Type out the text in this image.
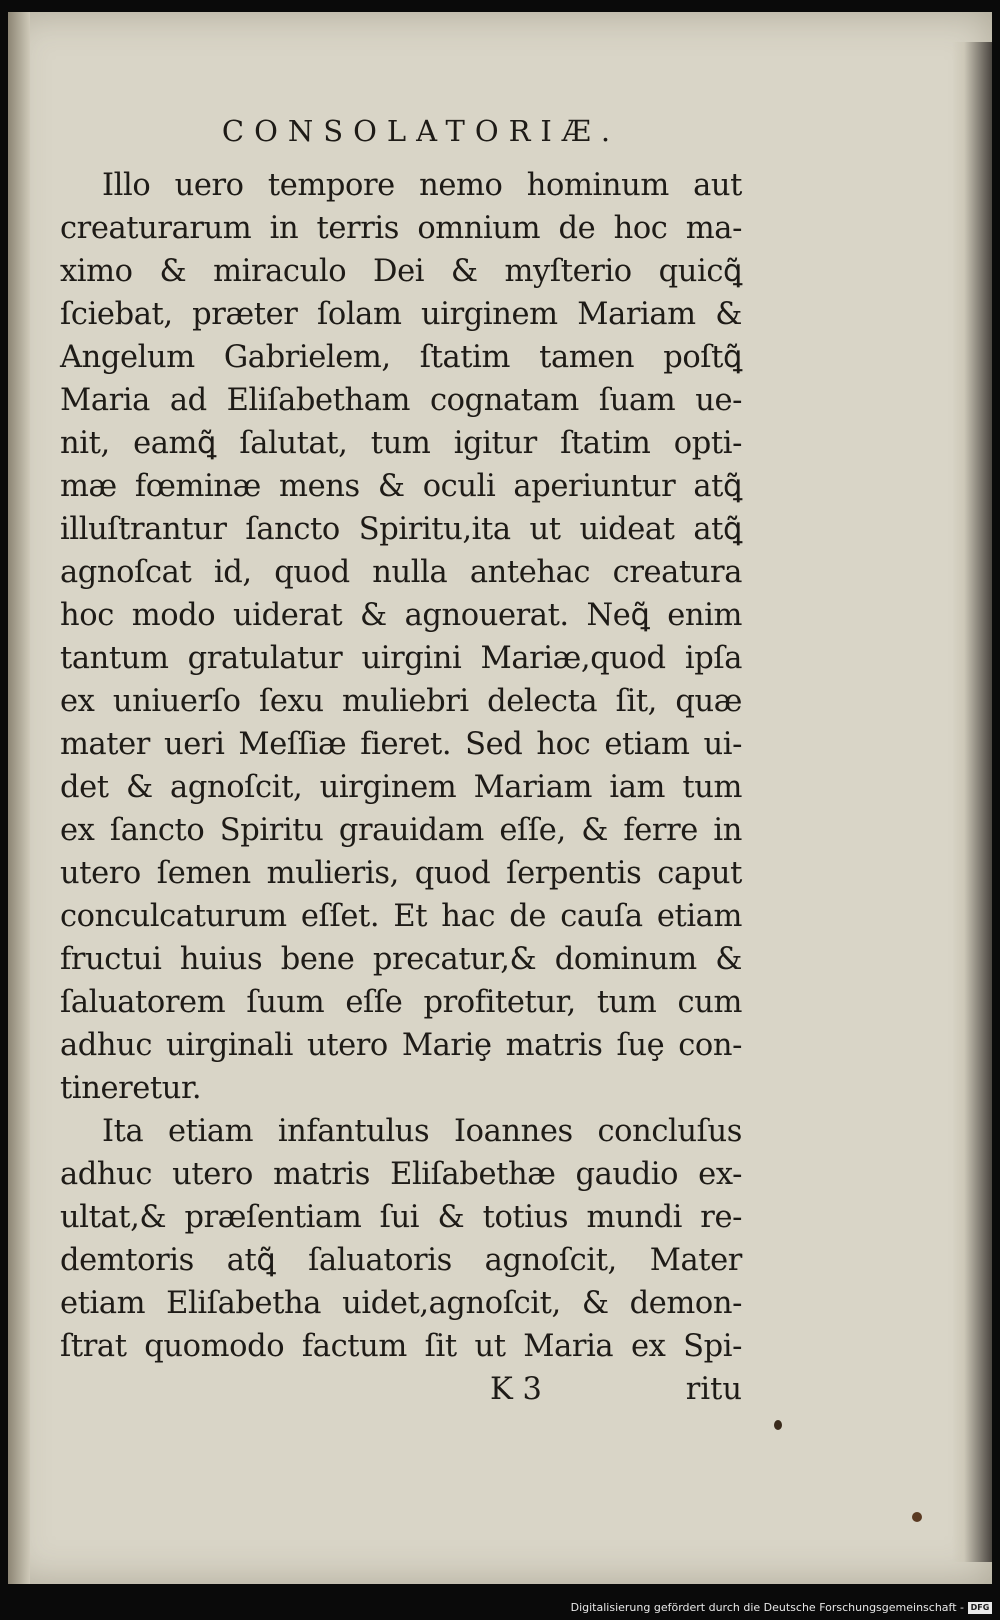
CONSOLATORIÆ.
Illo uero tempore nemo hominum aut
creaturarum in terris omnium de hoc ma-
ximo & miraculo Dei & myſterio quicꝗ̃
ſciebat, præter ſolam uirginem Mariam &
Angelum Gabrielem, ſtatim tamen poſtꝗ̃
Maria ad Eliſabetham cognatam ſuam ue-
nit, eamꝗ̃ ſalutat, tum igitur ſtatim opti-
mæ fœminæ mens & oculi aperiuntur atꝗ̃
illuſtrantur ſancto Spiritu,ita ut uideat atꝗ̃
agnoſcat id, quod nulla antehac creatura
hoc modo uiderat & agnouerat. Neꝗ̃ enim
tantum gratulatur uirgini Mariæ,quod ipſa
ex uniuerſo ſexu muliebri delecta ſit, quæ
mater ueri Meſſiæ fieret. Sed hoc etiam ui-
det & agnoſcit, uirginem Mariam iam tum
ex ſancto Spiritu grauidam eſſe, & ferre in
utero ſemen mulieris, quod ſerpentis caput
conculcaturum eſſet. Et hac de cauſa etiam
fructui huius bene precatur,& dominum &
ſaluatorem ſuum eſſe profitetur, tum cum
adhuc uirginali utero Mariȩ matris ſuȩ con-
tineretur.
Ita etiam infantulus Ioannes concluſus
adhuc utero matris Eliſabethæ gaudio ex-
ultat,& præſentiam ſui & totius mundi re-
demtoris atꝗ̃ ſaluatoris agnoſcit, Mater
etiam Eliſabetha uidet,agnoſcit, & demon-
ſtrat quomodo factum ſit ut Maria ex Spi-
K 3	ritu
Digitalisierung gefördert durch die Deutsche Forschungsgemeinschaft - DFG
